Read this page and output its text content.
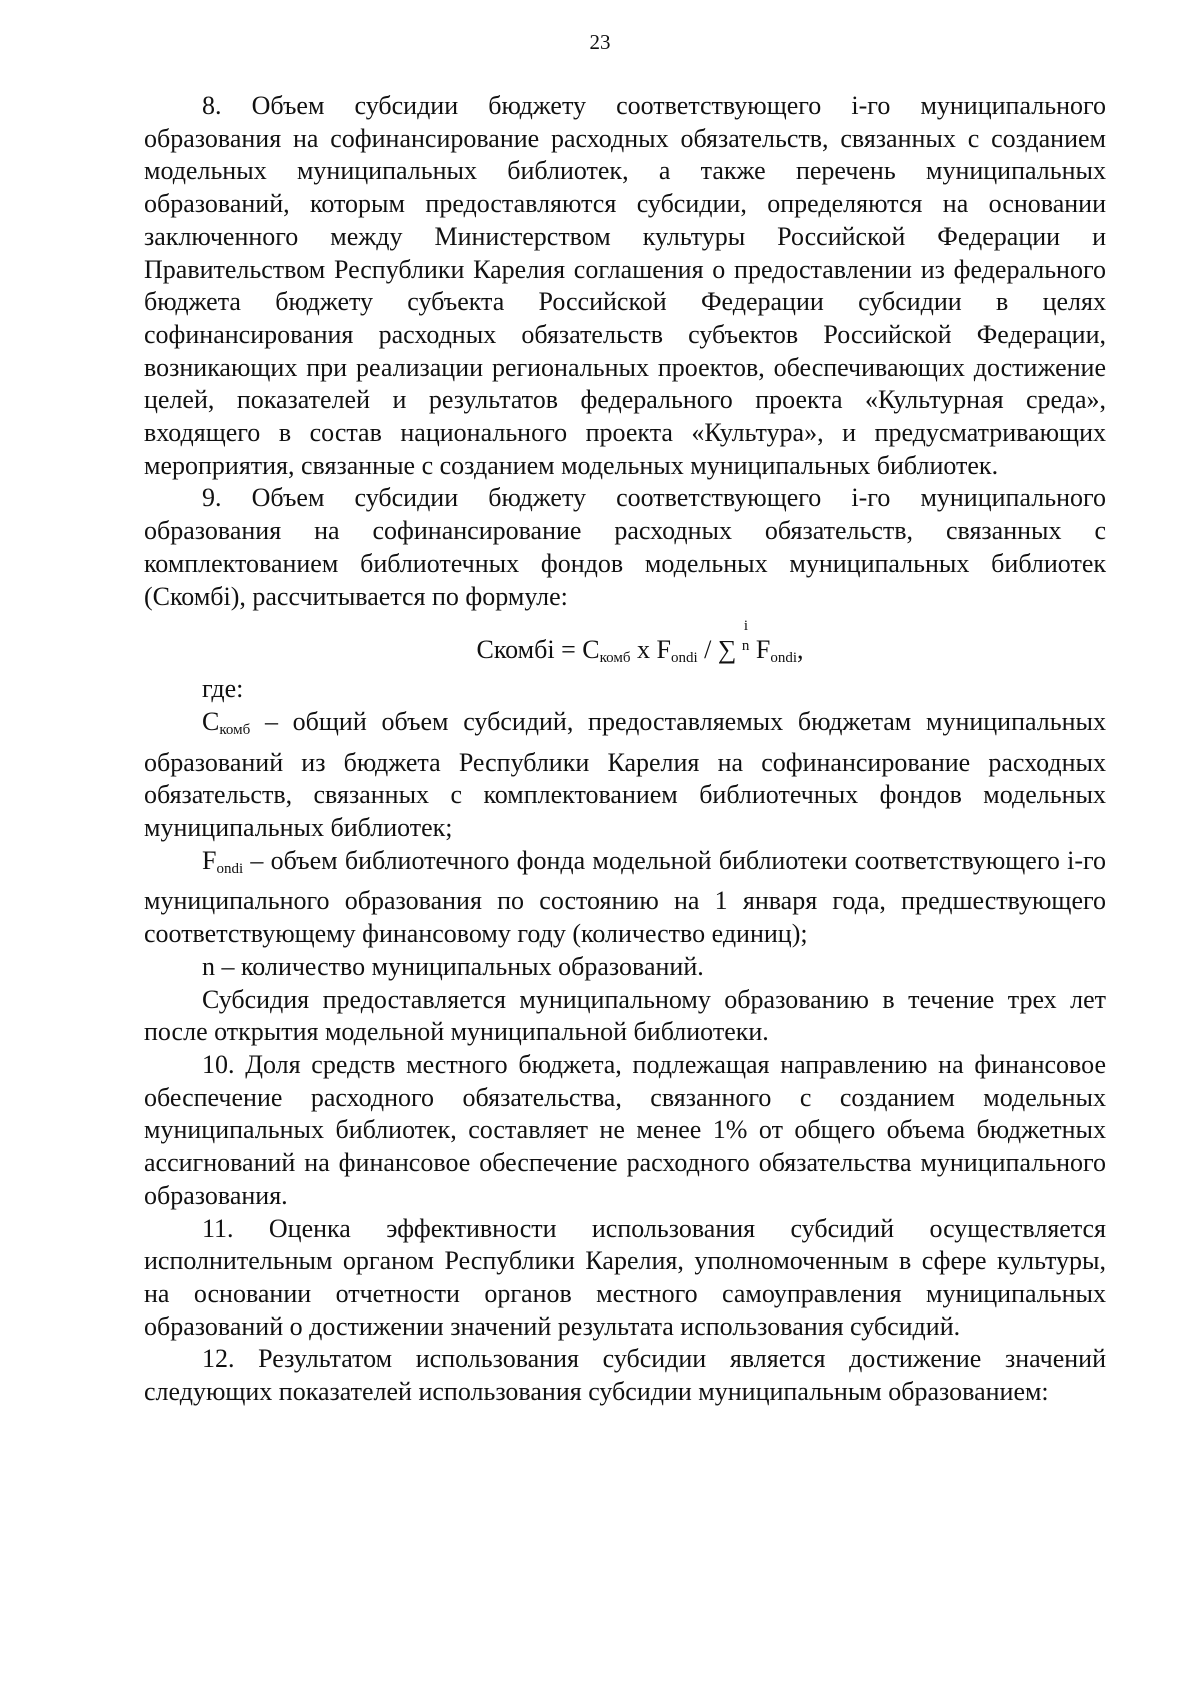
23

8. Объем субсидии бюджету соответствующего i-го муниципального образования на софинансирование расходных обязательств, связанных с созданием модельных муниципальных библиотек, а также перечень муниципальных образований, которым предоставляются субсидии, определяются на основании заключенного между Министерством культуры Российской Федерации и Правительством Республики Карелия соглашения о предоставлении из федерального бюджета бюджету субъекта Российской Федерации субсидии в целях софинансирования расходных обязательств субъектов Российской Федерации, возникающих при реализации региональных проектов, обеспечивающих достижение целей, показателей и результатов федерального проекта «Культурная среда», входящего в состав национального проекта «Культура», и предусматривающих мероприятия, связанные с созданием модельных муниципальных библиотек.

9. Объем субсидии бюджету соответствующего i-го муниципального образования на софинансирование расходных обязательств, связанных с комплектованием библиотечных фондов модельных муниципальных библиотек (Скомбi), рассчитывается по формуле:

Скомбi = Скомб x Fondi / ∑
i
n Fondi,

где:

Скомб – общий объем субсидий, предоставляемых бюджетам муниципальных образований из бюджета Республики Карелия на софинансирование расходных обязательств, связанных с комплектованием библиотечных фондов модельных муниципальных библиотек;

Fondi – объем библиотечного фонда модельной библиотеки соответствующего i-го муниципального образования по состоянию на 1 января года, предшествующего соответствующему финансовому году (количество единиц);

n – количество муниципальных образований.

Субсидия предоставляется муниципальному образованию в течение трех лет после открытия модельной муниципальной библиотеки.

10. Доля средств местного бюджета, подлежащая направлению на финансовое обеспечение расходного обязательства, связанного с созданием модельных муниципальных библиотек, составляет не менее 1% от общего объема бюджетных ассигнований на финансовое обеспечение расходного обязательства муниципального образования.

11. Оценка эффективности использования субсидий осуществляется исполнительным органом Республики Карелия, уполномоченным в сфере культуры, на основании отчетности органов местного самоуправления муниципальных образований о достижении значений результата использования субсидий.

12. Результатом использования субсидии является достижение значений следующих показателей использования субсидии муниципальным образованием:
